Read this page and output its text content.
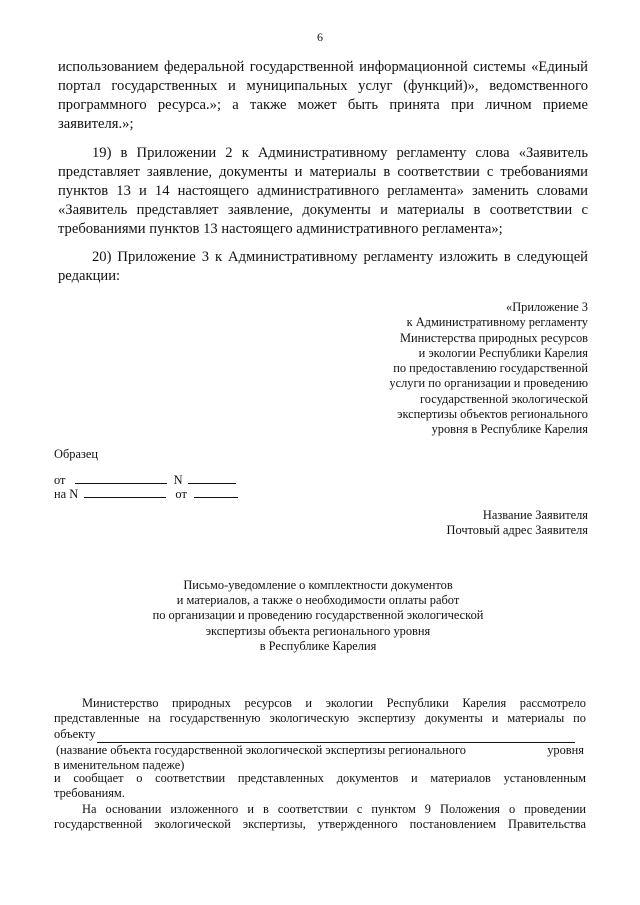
6
использованием федеральной государственной информационной системы «Единый
портал государственных и муниципальных услуг (функций)», ведомственного
программного ресурса.»; а также может быть принята при личном приеме
заявителя.»;
19) в Приложении 2 к Административному регламенту слова «Заявитель
представляет заявление, документы и материалы в соответствии с требованиями
пунктов 13 и 14 настоящего административного регламента» заменить словами
«Заявитель представляет заявление, документы и материалы в соответствии с
требованиями пунктов 13 настоящего административного регламента»;
20) Приложение 3 к Административному регламенту изложить в следующей
редакции:
«Приложение 3
к Административному регламенту
Министерства природных ресурсов
и экологии Республики Карелия
по предоставлению государственной
услуги по организации и проведению
государственной экологической
экспертизы объектов регионального
уровня в Республике Карелия
Образец
от	N
на N	от
Название Заявителя
Почтовый адрес Заявителя
Письмо-уведомление о комплектности документов
и материалов, а также о необходимости оплаты работ
по организации и проведению государственной экологической
экспертизы объекта регионального уровня
в Республике Карелия
Министерство природных ресурсов и экологии Республики Карелия рассмотрело
представленные на государственную экологическую экспертизу документы и материалы по
объекту
(название объекта государственной экологической экспертизы регионального	уровня
в именительном падеже)
и сообщает о соответствии представленных документов и материалов установленным
требованиям.
На основании изложенного и в соответствии с пунктом 9 Положения о проведении
государственной экологической экспертизы, утвержденного постановлением Правительства
